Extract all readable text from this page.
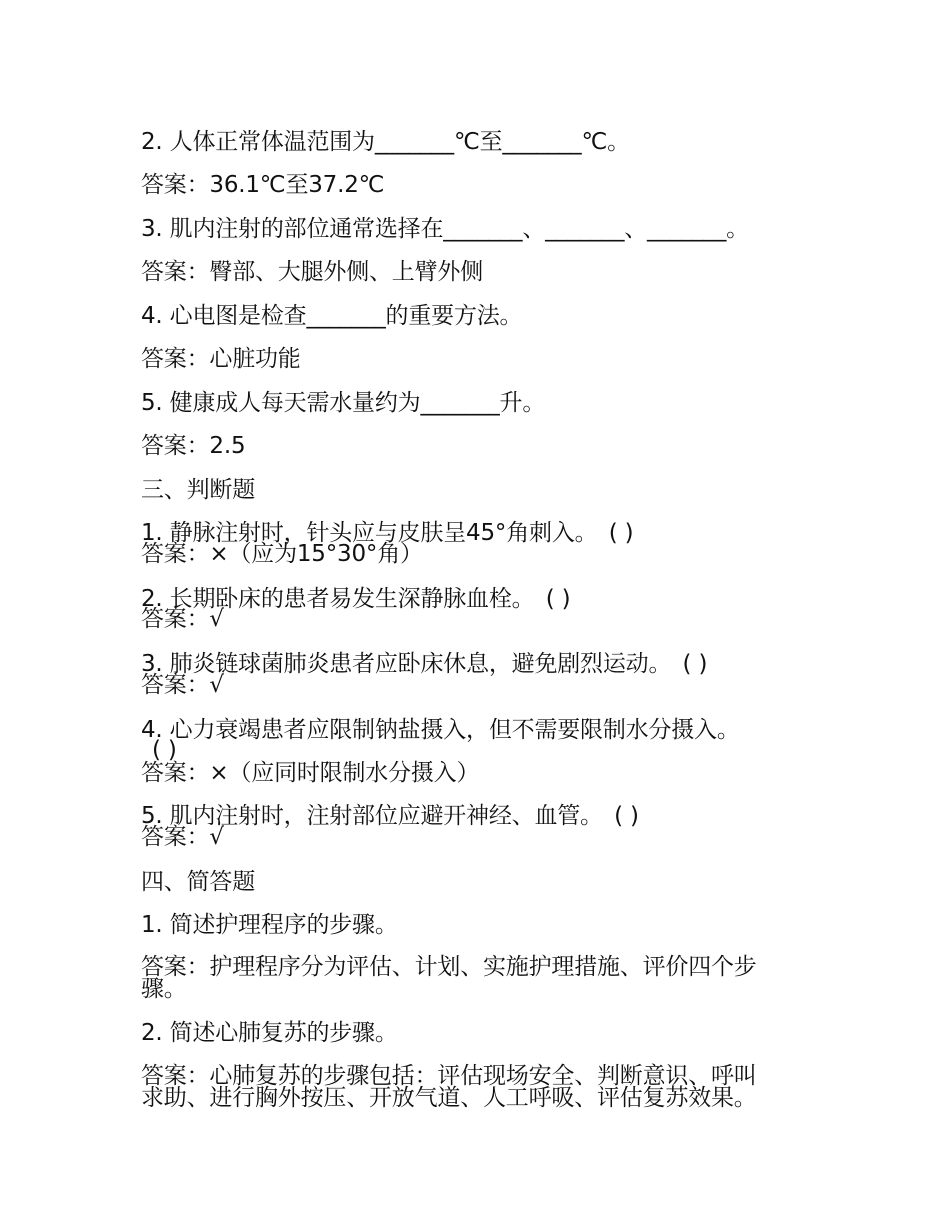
2. 人体正常体温范围为_______℃至_______℃。
答案：36.1℃至37.2℃
3. 肌内注射的部位通常选择在_______、_______、_______。
答案：臀部、大腿外侧、上臂外侧
4. 心电图是检查_______的重要方法。
答案：心脏功能
5. 健康成人每天需水量约为_______升。
答案：2.5
三、判断题
1. 静脉注射时，针头应与皮肤呈45°角刺入。　( )
答案：×（应为15°30°角）
2. 长期卧床的患者易发生深静脉血栓。　( )
答案：√
3. 肺炎链球菌肺炎患者应卧床休息，避免剧烈运动。　( )
答案：√
4. 心力衰竭患者应限制钠盐摄入，但不需要限制水分摄入。
( )
答案：×（应同时限制水分摄入）
5. 肌内注射时，注射部位应避开神经、血管。　( )
答案：√
四、简答题
1. 简述护理程序的步骤。
答案：护理程序分为评估、计划、实施护理措施、评价四个步
骤。
2. 简述心肺复苏的步骤。
答案：心肺复苏的步骤包括：评估现场安全、判断意识、呼叫
求助、进行胸外按压、开放气道、人工呼吸、评估复苏效果。
